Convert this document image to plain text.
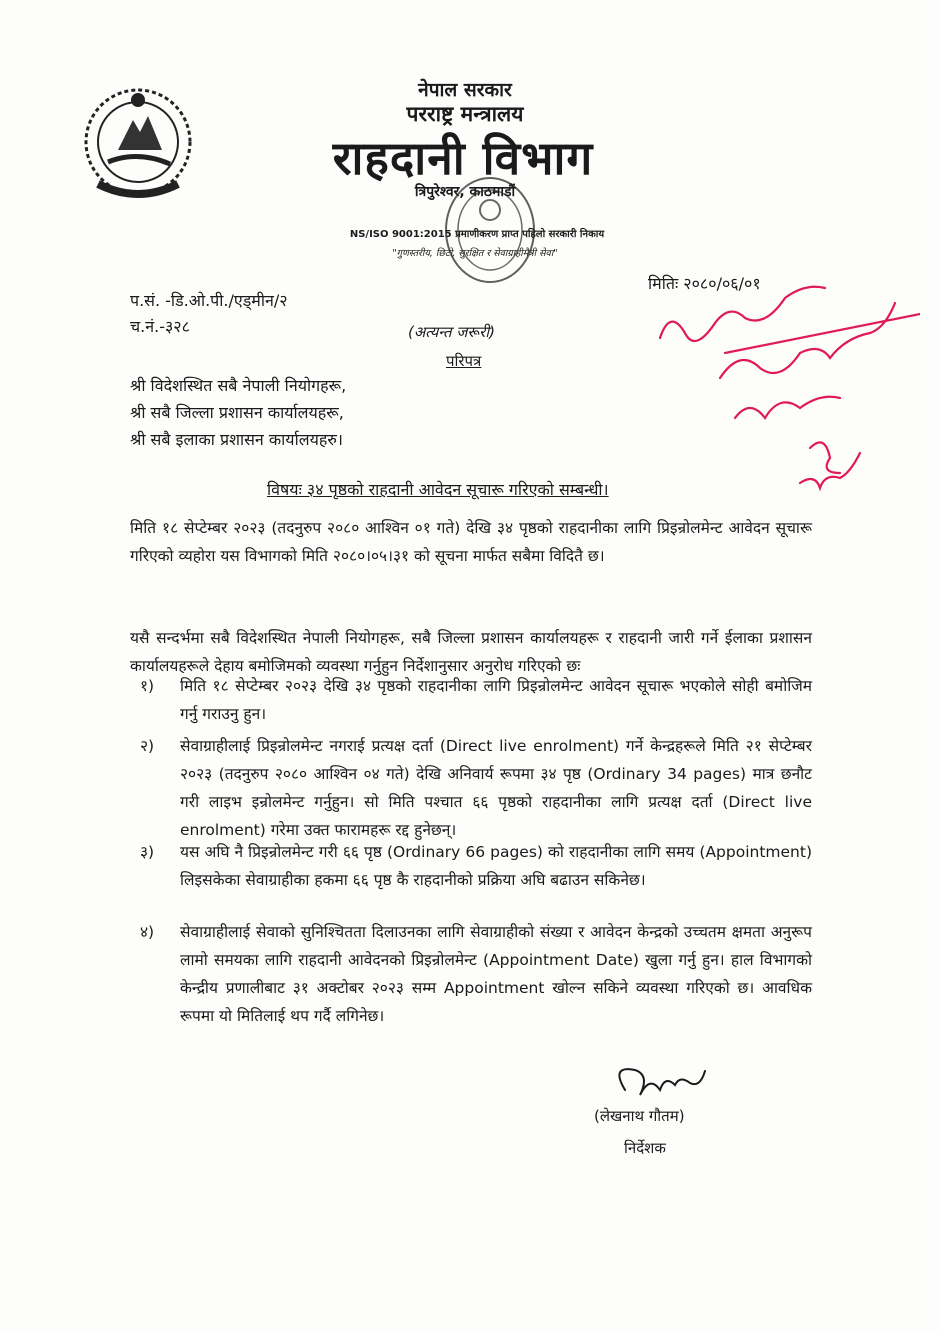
नेपाल सरकार
परराष्ट्र मन्त्रालय
राहदानी विभाग
त्रिपुरेश्वर, काठमाडौं
NS/ISO 9001:2015 प्रमाणीकरण प्राप्त पहिलो सरकारी निकाय
"गुणस्तरीय, छिटो, सुरक्षित र सेवाग्राहीमैत्री सेवा"
मितिः २०८०/०६/०१
प.सं. -डि.ओ.पी./एड्मीन/२
च.नं.-३२८	(अत्यन्त जरूरी)
परिपत्र
श्री विदेशस्थित सबै नेपाली नियोगहरू,
श्री सबै जिल्ला प्रशासन कार्यालयहरू,
श्री सबै इलाका प्रशासन कार्यालयहरु।
विषयः ३४ पृष्ठको राहदानी आवेदन सूचारू गरिएको सम्बन्धी।
मिति १८ सेप्टेम्बर २०२३ (तदनुरुप २०८० आश्विन ०१ गते) देखि ३४ पृष्ठको राहदानीका लागि प्रिइन्रोलमेन्ट आवेदन सूचारू गरिएको व्यहोरा यस विभागको मिति २०८०।०५।३१ को सूचना मार्फत सबैमा विदितै छ।
यसै सन्दर्भमा सबै विदेशस्थित नेपाली नियोगहरू, सबै जिल्ला प्रशासन कार्यालयहरू र राहदानी जारी गर्ने ईलाका प्रशासन कार्यालयहरूले देहाय बमोजिमको व्यवस्था गर्नुहुन निर्देशानुसार अनुरोध गरिएको छः
१)	मिति १८ सेप्टेम्बर २०२३ देखि ३४ पृष्ठको राहदानीका लागि प्रिइन्रोलमेन्ट आवेदन सूचारू भएकोले सोही बमोजिम गर्नु गराउनु हुन।
२)	सेवाग्राहीलाई प्रिइन्रोलमेन्ट नगराई प्रत्यक्ष दर्ता (Direct live enrolment) गर्ने केन्द्रहरूले मिति २१ सेप्टेम्बर २०२३ (तदनुरुप २०८० आश्विन ०४ गते) देखि अनिवार्य रूपमा ३४ पृष्ठ (Ordinary 34 pages) मात्र छनौट गरी लाइभ इन्रोलमेन्ट गर्नुहुन। सो मिति पश्चात ६६ पृष्ठको राहदानीका लागि प्रत्यक्ष दर्ता (Direct live enrolment) गरेमा उक्त फारामहरू रद्द हुनेछन्।
३)	यस अघि नै प्रिइन्रोलमेन्ट गरी ६६ पृष्ठ (Ordinary 66 pages) को राहदानीका लागि समय (Appointment) लिइसकेका सेवाग्राहीका हकमा ६६ पृष्ठ कै राहदानीको प्रक्रिया अघि बढाउन सकिनेछ।
४)	सेवाग्राहीलाई सेवाको सुनिश्चितता दिलाउनका लागि सेवाग्राहीको संख्या र आवेदन केन्द्रको उच्चतम क्षमता अनुरूप लामो समयका लागि राहदानी आवेदनको प्रिइन्रोलमेन्ट (Appointment Date) खुला गर्नु हुन। हाल विभागको केन्द्रीय प्रणालीबाट ३१ अक्टोबर २०२३ सम्म Appointment खोल्न सकिने व्यवस्था गरिएको छ। आवधिक रूपमा यो मितिलाई थप गर्दै लगिनेछ।
(लेखनाथ गौतम)
निर्देशक
